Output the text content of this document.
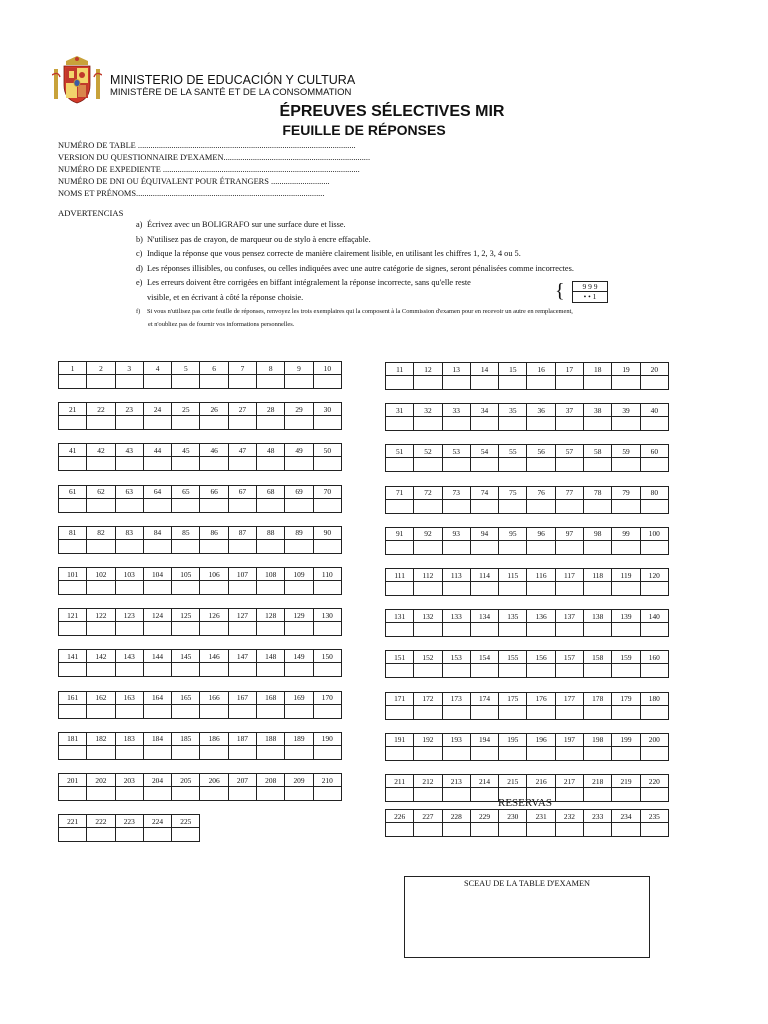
MINISTERIO DE EDUCACIÓN Y CULTURA
MINISTÈRE DE LA SANTÉ ET DE LA CONSOMMATION
ÉPREUVES SÉLECTIVES MIR
FEUILLE DE RÉPONSES
NUMÉRO DE TABLE ........................................................................................................
VERSION DU QUESTIONNAIRE D'EXAMEN......................................................................
NUMÉRO DE EXPEDIENTE ..............................................................................................
NUMÉRO DE DNI OU ÉQUIVALENT POUR ÉTRANGERS ............................
NOMS ET PRÉNOMS..........................................................................................
ADVERTENCIAS
a) Écrivez avec un BOLIGRAFO sur une surface dure et lisse.
b) N'utilisez pas de crayon, de marqueur ou de stylo à encre effaçable.
c) Indique la réponse que vous pensez correcte de manière clairement lisible, en utilisant les chiffres 1, 2, 3, 4 ou 5.
d) Les réponses illisibles, ou confuses, ou celles indiquées avec une autre catégorie de signes, seront pénalisées comme incorrectes.
e) Les erreurs doivent être corrigées en biffant intégralement la réponse incorrecte, sans qu'elle reste
visible, et en écrivant à côté la réponse choisie.
f)	Si vous n'utilisez pas cette feuille de réponses, renvoyez les trois exemplaires qui la composent à la Commission d'examen pour en recevoir un autre en remplacement,
et n'oubliez pas de fournir vos informations personnelles.
{	9 9 9
• • 1
RESERVAS
SCEAU DE LA TABLE D'EXAMEN
1	2	3	4	5	6	7	8	9	10

21	22	23	24	25	26	27	28	29	30

41	42	43	44	45	46	47	48	49	50

61	62	63	64	65	66	67	68	69	70

81	82	83	84	85	86	87	88	89	90

101	102	103	104	105	106	107	108	109	110

121	122	123	124	125	126	127	128	129	130

141	142	143	144	145	146	147	148	149	150

161	162	163	164	165	166	167	168	169	170

181	182	183	184	185	186	187	188	189	190

201	202	203	204	205	206	207	208	209	210

221	222	223	224	225

11	12	13	14	15	16	17	18	19	20

31	32	33	34	35	36	37	38	39	40

51	52	53	54	55	56	57	58	59	60

71	72	73	74	75	76	77	78	79	80

91	92	93	94	95	96	97	98	99	100

111	112	113	114	115	116	117	118	119	120

131	132	133	134	135	136	137	138	139	140

151	152	153	154	155	156	157	158	159	160

171	172	173	174	175	176	177	178	179	180

191	192	193	194	195	196	197	198	199	200

211	212	213	214	215	216	217	218	219	220

226	227	228	229	230	231	232	233	234	235
